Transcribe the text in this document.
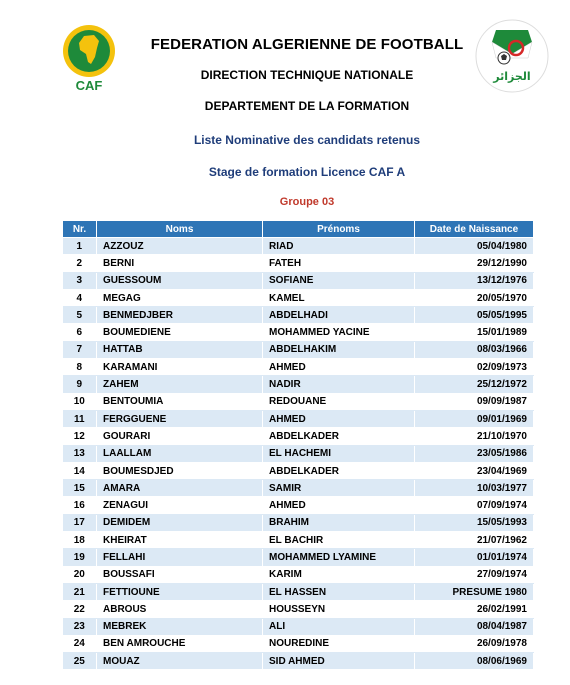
CAF
الجزائر
FEDERATION ALGERIENNE DE FOOTBALL
DIRECTION TECHNIQUE NATIONALE
DEPARTEMENT DE LA FORMATION
Liste Nominative des candidats retenus
Stage de formation Licence CAF A
Groupe 03
Nr.	Noms	Prénoms	Date de Naissance
1	AZZOUZ	RIAD	05/04/1980
2	BERNI	FATEH	29/12/1990
3	GUESSOUM	SOFIANE	13/12/1976
4	MEGAG	KAMEL	20/05/1970
5	BENMEDJBER	ABDELHADI	05/05/1995
6	BOUMEDIENE	MOHAMMED YACINE	15/01/1989
7	HATTAB	ABDELHAKIM	08/03/1966
8	KARAMANI	AHMED	02/09/1973
9	ZAHEM	NADIR	25/12/1972
10	BENTOUMIA	REDOUANE	09/09/1987
11	FERGGUENE	AHMED	09/01/1969
12	GOURARI	ABDELKADER	21/10/1970
13	LAALLAM	EL HACHEMI	23/05/1986
14	BOUMESDJED	ABDELKADER	23/04/1969
15	AMARA	SAMIR	10/03/1977
16	ZENAGUI	AHMED	07/09/1974
17	DEMIDEM	BRAHIM	15/05/1993
18	KHEIRAT	EL BACHIR	21/07/1962
19	FELLAHI	MOHAMMED LYAMINE	01/01/1974
20	BOUSSAFI	KARIM	27/09/1974
21	FETTIOUNE	EL HASSEN	PRESUME 1980
22	ABROUS	HOUSSEYN	26/02/1991
23	MEBREK	ALI	08/04/1987
24	BEN AMROUCHE	NOUREDINE	26/09/1978
25	MOUAZ	SID AHMED	08/06/1969
